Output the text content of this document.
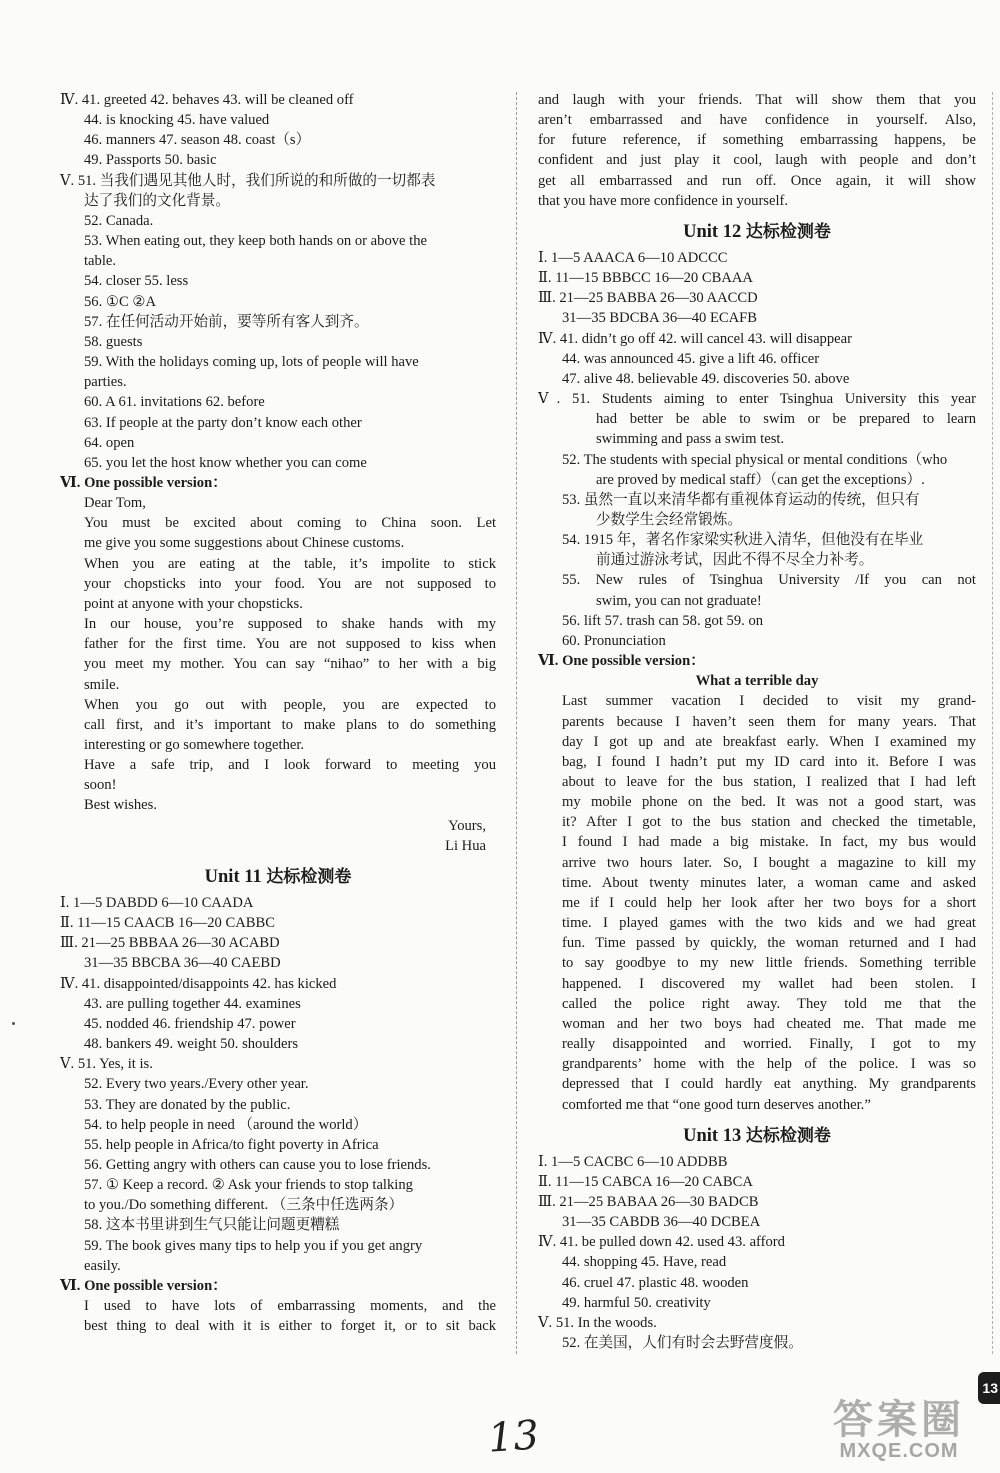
Ⅳ. 41. greeted 42. behaves 43. will be cleaned off
44. is knocking 45. have valued
46. manners 47. season 48. coast（s）
49. Passports 50. basic
Ⅴ. 51. 当我们遇见其他人时，我们所说的和所做的一切都表
达了我们的文化背景。
52. Canada.
53. When eating out, they keep both hands on or above the
table.
54. closer 55. less
56. ①C ②A
57. 在任何活动开始前，要等所有客人到齐。
58. guests
59. With the holidays coming up, lots of people will have
parties.
60. A 61. invitations 62. before
63. If people at the party don’t know each other
64. open
65. you let the host know whether you can come
Ⅵ. One possible version：
Dear Tom,
You must be excited about coming to China soon. Let
me give you some suggestions about Chinese customs.
When you are eating at the table, it’s impolite to stick
your chopsticks into your food. You are not supposed to
point at anyone with your chopsticks.
In our house, you’re supposed to shake hands with my
father for the first time. You are not supposed to kiss when
you meet my mother. You can say “nihao” to her with a big
smile.
When you go out with people, you are expected to
call first, and it’s important to make plans to do something
interesting or go somewhere together.
Have a safe trip, and I look forward to meeting you
soon!
Best wishes.
Yours,
Li Hua
Unit 11 达标检测卷
Ⅰ. 1—5 DABDD 6—10 CAADA
Ⅱ. 11—15 CAACB 16—20 CABBC
Ⅲ. 21—25 BBBAA 26—30 ACABD
31—35 BBCBA 36—40 CAEBD
Ⅳ. 41. disappointed/disappoints 42. has kicked
43. are pulling together 44. examines
45. nodded 46. friendship 47. power
48. bankers 49. weight 50. shoulders
Ⅴ. 51. Yes, it is.
52. Every two years./Every other year.
53. They are donated by the public.
54. to help people in need （around the world）
55. help people in Africa/to fight poverty in Africa
56. Getting angry with others can cause you to lose friends.
57. ① Keep a record. ② Ask your friends to stop talking
to you./Do something different. （三条中任选两条）
58. 这本书里讲到生气只能让问题更糟糕
59. The book gives many tips to help you if you get angry
easily.
Ⅵ. One possible version：
I used to have lots of embarrassing moments, and the
best thing to deal with it is either to forget it, or to sit back
and laugh with your friends. That will show them that you
aren’t embarrassed and have confidence in yourself. Also,
for future reference, if something embarrassing happens, be
confident and just play it cool, laugh with people and don’t
get all embarrassed and run off. Once again, it will show
that you have more confidence in yourself.
Unit 12 达标检测卷
Ⅰ. 1—5 AAACA 6—10 ADCCC
Ⅱ. 11—15 BBBCC 16—20 CBAAA
Ⅲ. 21—25 BABBA 26—30 AACCD
31—35 BDCBA 36—40 ECAFB
Ⅳ. 41. didn’t go off 42. will cancel 43. will disappear
44. was announced 45. give a lift 46. officer
47. alive 48. believable 49. discoveries 50. above
Ⅴ. 51. Students aiming to enter Tsinghua University this year
had better be able to swim or be prepared to learn
swimming and pass a swim test.
52. The students with special physical or mental conditions（who
are proved by medical staff）（can get the exceptions）.
53. 虽然一直以来清华都有重视体育运动的传统，但只有
少数学生会经常锻炼。
54. 1915 年，著名作家梁实秋进入清华，但他没有在毕业
前通过游泳考试，因此不得不尽全力补考。
55. New rules of Tsinghua University /If you can not
swim, you can not graduate!
56. lift 57. trash can 58. got 59. on
60. Pronunciation
Ⅵ. One possible version：
What a terrible day
Last summer vacation I decided to visit my grand-
parents because I haven’t seen them for many years. That
day I got up and ate breakfast early. When I examined my
bag, I found I hadn’t put my ID card into it. Before I was
about to leave for the bus station, I realized that I had left
my mobile phone on the bed. It was not a good start, was
it? After I got to the bus station and checked the timetable,
I found I had made a big mistake. In fact, my bus would
arrive two hours later. So, I bought a magazine to kill my
time. About twenty minutes later, a woman came and asked
me if I could help her look after her two boys for a short
time. I played games with the two kids and we had great
fun. Time passed by quickly, the woman returned and I had
to say goodbye to my new little friends. Something terrible
happened. I discovered my wallet had been stolen. I
called the police right away. They told me that the
woman and her two boys had cheated me. That made me
really disappointed and worried. Finally, I got to my
grandparents’ home with the help of the police. I was so
depressed that I could hardly eat anything. My grandparents
comforted me that “one good turn deserves another.”
Unit 13 达标检测卷
Ⅰ. 1—5 CACBC 6—10 ADDBB
Ⅱ. 11—15 CABCA 16—20 CABCA
Ⅲ. 21—25 BABAA 26—30 BADCB
31—35 CABDB 36—40 DCBEA
Ⅳ. 41. be pulled down 42. used 43. afford
44. shopping 45. Have, read
46. cruel 47. plastic 48. wooden
49. harmful 50. creativity
Ⅴ. 51. In the woods.
52. 在美国，人们有时会去野营度假。
13
13
答案圈
MXQE.COM
